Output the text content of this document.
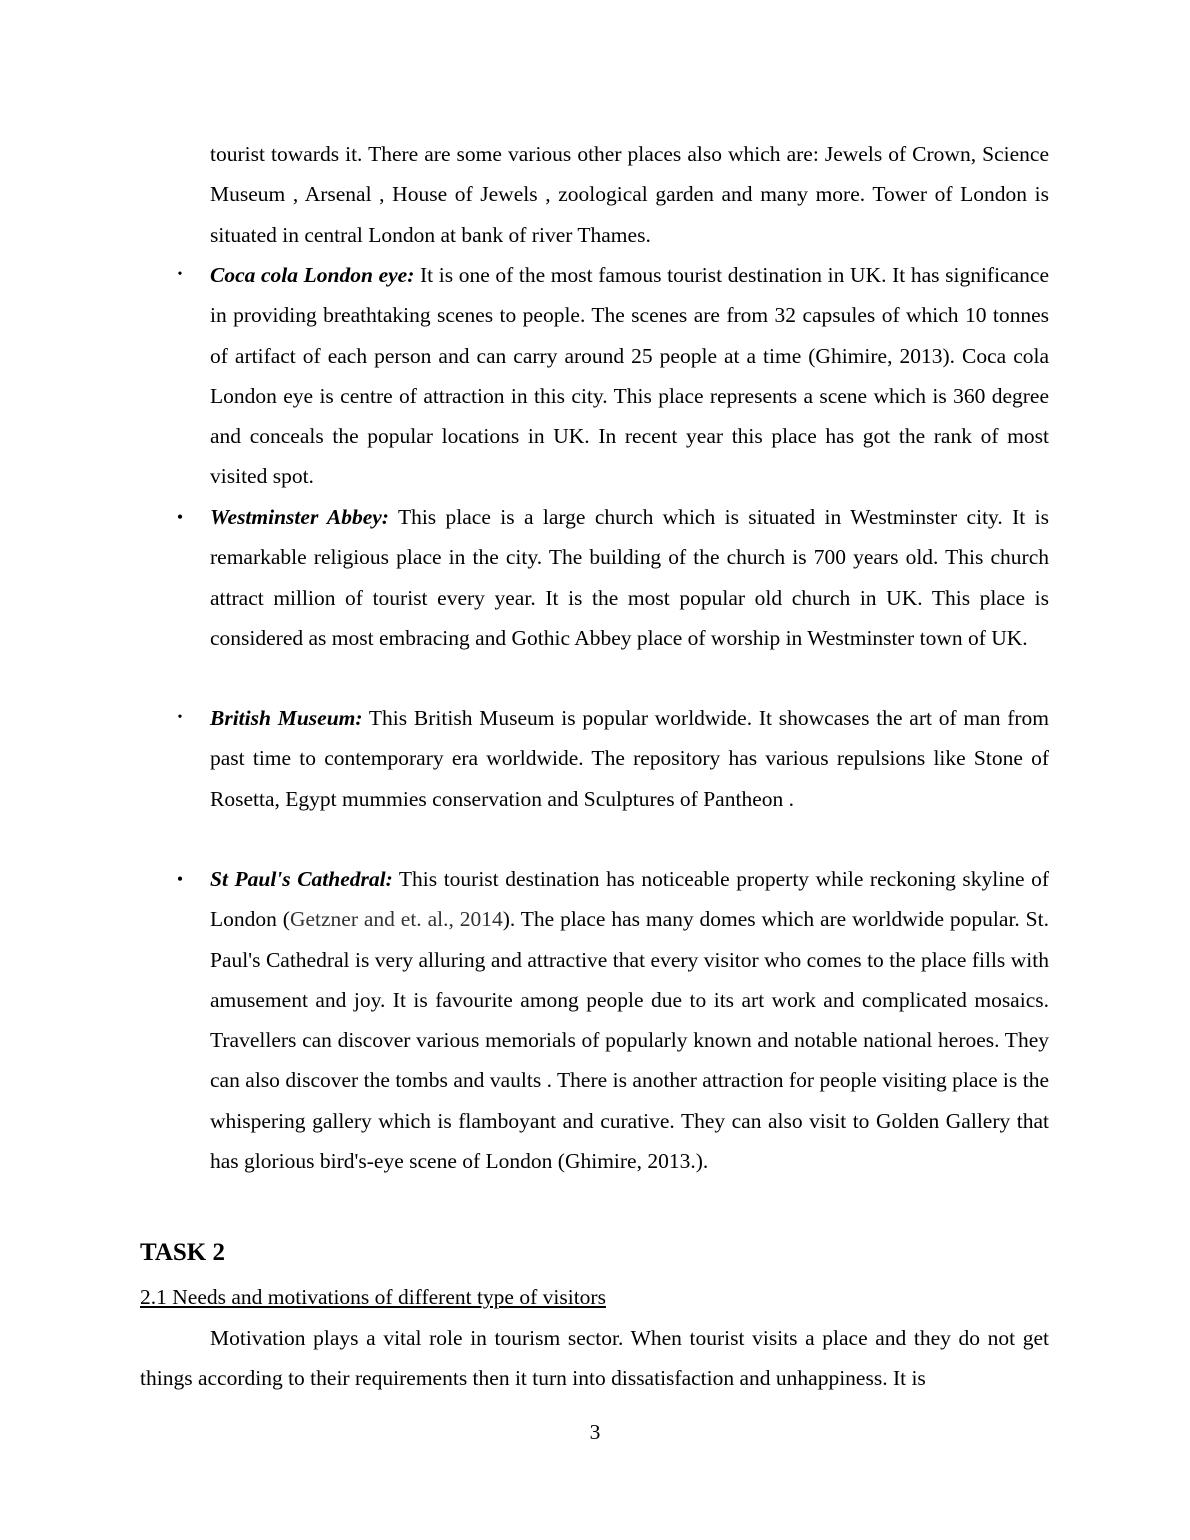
tourist towards it. There are some various other places also which are: Jewels of Crown, Science Museum , Arsenal , House of Jewels , zoological garden and many more. Tower of London is situated in central London at bank of river Thames.
• Coca cola London eye: It is one of the most famous tourist destination in UK. It has significance in providing breathtaking scenes to people. The scenes are from 32 capsules of which 10 tonnes of artifact of each person and can carry around 25 people at a time (Ghimire, 2013). Coca cola London eye is centre of attraction in this city. This place represents a scene which is 360 degree and conceals the popular locations in UK. In recent year this place has got the rank of most visited spot.
• Westminster Abbey: This place is a large church which is situated in Westminster city. It is remarkable religious place in the city. The building of the church is 700 years old. This church attract million of tourist every year. It is the most popular old church in UK. This place is considered as most embracing and Gothic Abbey place of worship in Westminster town of UK.
• British Museum: This British Museum is popular worldwide. It showcases the art of man from past time to contemporary era worldwide. The repository has various repulsions like Stone of Rosetta, Egypt mummies conservation and Sculptures of Pantheon .
• St Paul's Cathedral: This tourist destination has noticeable property while reckoning skyline of London (Getzner and et. al., 2014). The place has many domes which are worldwide popular. St. Paul's Cathedral is very alluring and attractive that every visitor who comes to the place fills with amusement and joy. It is favourite among people due to its art work and complicated mosaics. Travellers can discover various memorials of popularly known and notable national heroes. They can also discover the tombs and vaults . There is another attraction for people visiting place is the whispering gallery which is flamboyant and curative. They can also visit to Golden Gallery that has glorious bird's-eye scene of London (Ghimire, 2013.).
TASK 2
2.1 Needs and motivations of different type of visitors
Motivation plays a vital role in tourism sector. When tourist visits a place and they do not get things according to their requirements then it turn into dissatisfaction and unhappiness. It is
3
